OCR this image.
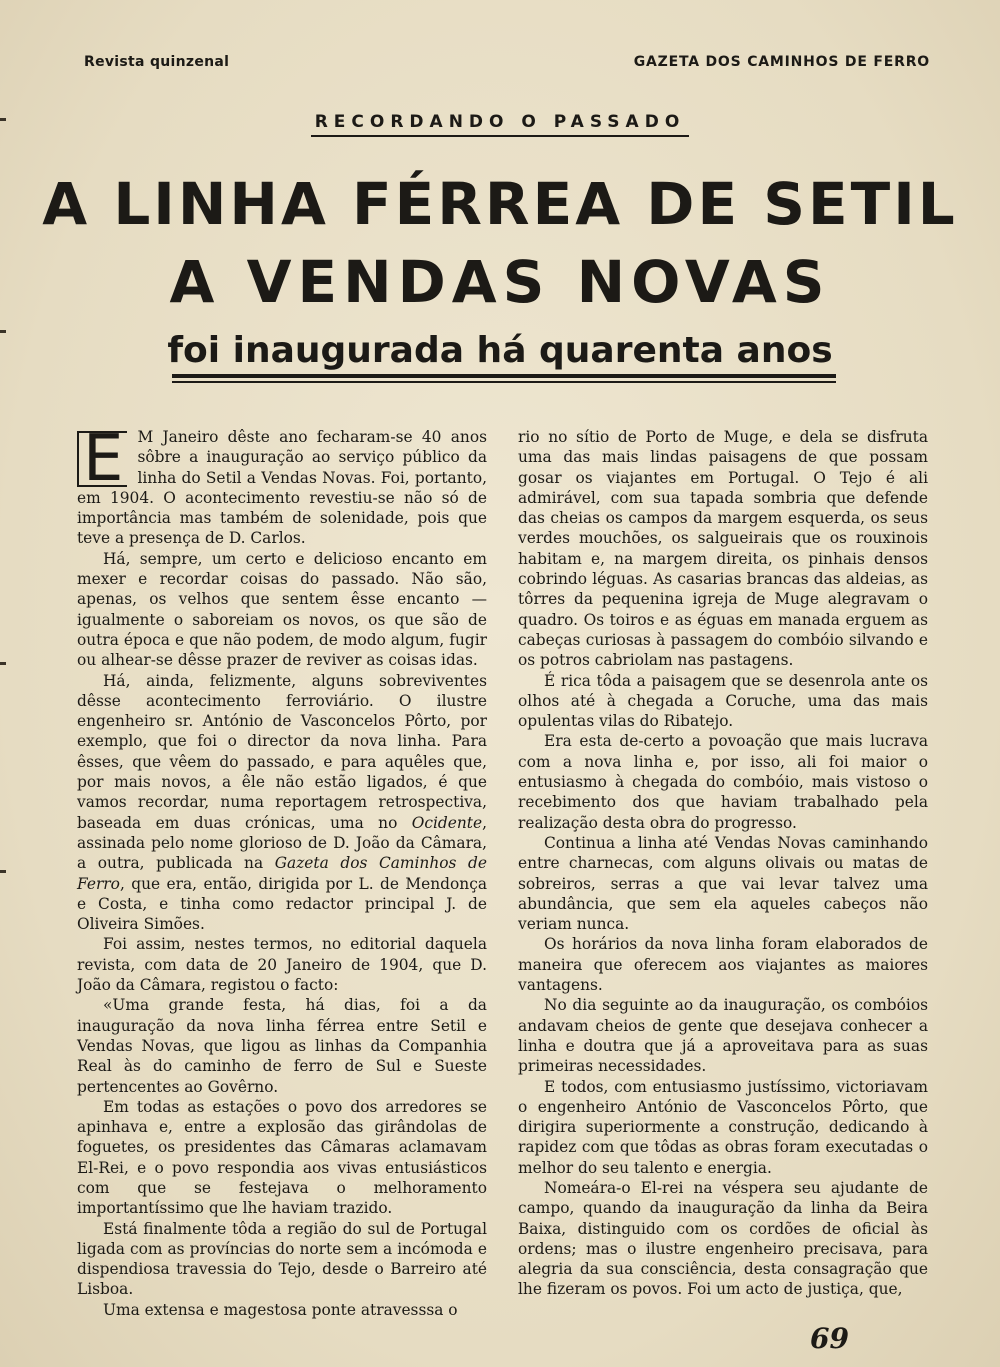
Revista quinzenal	GAZETA DOS CAMINHOS DE FERRO
RECORDANDO O PASSADO
A LINHA FÉRREA DE SETIL
A VENDAS NOVAS
foi inaugurada há quarenta anos

E M Janeiro dêste ano fecharam-se 40 anos sôbre a inauguração ao serviço público da linha do Setil a Vendas Novas. Foi, portanto, em 1904. O acontecimento revestiu-se não só de importância mas também de solenidade, pois que teve a presença de D. Carlos.

Há, sempre, um certo e delicioso encanto em mexer e recordar coisas do passado. Não são, apenas, os velhos que sentem êsse encanto — igualmente o saboreiam os novos, os que são de outra época e que não podem, de modo algum, fugir ou alhear-se dêsse prazer de reviver as coisas idas.

Há, ainda, felizmente, alguns sobreviventes dêsse acontecimento ferroviário. O ilustre engenheiro sr. António de Vasconcelos Pôrto, por exemplo, que foi o director da nova linha. Para êsses, que vêem do passado, e para aquêles que, por mais novos, a êle não estão ligados, é que vamos recordar, numa reportagem retrospectiva, baseada em duas crónicas, uma no Ocidente, assinada pelo nome glorioso de D. João da Câmara, a outra, publicada na Gazeta dos Caminhos de Ferro, que era, então, dirigida por L. de Mendonça e Costa, e tinha como redactor principal J. de Oliveira Simões.

Foi assim, nestes termos, no editorial daquela revista, com data de 20 Janeiro de 1904, que D. João da Câmara, registou o facto:

«Uma grande festa, há dias, foi a da inauguração da nova linha férrea entre Setil e Vendas Novas, que ligou as linhas da Companhia Real às do caminho de ferro de Sul e Sueste pertencentes ao Govêrno.

Em todas as estações o povo dos arredores se apinhava e, entre a explosão das girândolas de foguetes, os presidentes das Câmaras aclamavam El-Rei, e o povo respondia aos vivas entusiásticos com que se festejava o melhoramento importantíssimo que lhe haviam trazido.

Está finalmente tôda a região do sul de Portugal ligada com as províncias do norte sem a incómoda e dispendiosa travessia do Tejo, desde o Barreiro até Lisboa.

Uma extensa e magestosa ponte atravesssa o

rio no sítio de Porto de Muge, e dela se disfruta uma das mais lindas paisagens de que possam gosar os viajantes em Portugal. O Tejo é ali admirável, com sua tapada sombria que defende das cheias os campos da margem esquerda, os seus verdes mouchões, os salgueirais que os rouxinois habitam e, na margem direita, os pinhais densos cobrindo léguas. As casarias brancas das aldeias, as tôrres da pequenina igreja de Muge alegravam o quadro. Os toiros e as éguas em manada erguem as cabeças curiosas à passagem do combóio silvando e os potros cabriolam nas pastagens.

É rica tôda a paisagem que se desenrola ante os olhos até à chegada a Coruche, uma das mais opulentas vilas do Ribatejo.

Era esta de-certo a povoação que mais lucrava com a nova linha e, por isso, ali foi maior o entusiasmo à chegada do combóio, mais vistoso o recebimento dos que haviam trabalhado pela realização desta obra do progresso.

Continua a linha até Vendas Novas caminhando entre charnecas, com alguns olivais ou matas de sobreiros, serras a que vai levar talvez uma abundância, que sem ela aqueles cabeços não veriam nunca.

Os horários da nova linha foram elaborados de maneira que oferecem aos viajantes as maiores vantagens.

No dia seguinte ao da inauguração, os combóios andavam cheios de gente que desejava conhecer a linha e doutra que já a aproveitava para as suas primeiras necessidades.

E todos, com entusiasmo justíssimo, victoriavam o engenheiro António de Vasconcelos Pôrto, que dirigira superiormente a construção, dedicando à rapidez com que tôdas as obras foram executadas o melhor do seu talento e energia.

Nomeára-o El-rei na véspera seu ajudante de campo, quando da inauguração da linha da Beira Baixa, distinguido com os cordões de oficial às ordens; mas o ilustre engenheiro precisava, para alegria da sua consciência, desta consagração que lhe fizeram os povos. Foi um acto de justiça, que,

69
